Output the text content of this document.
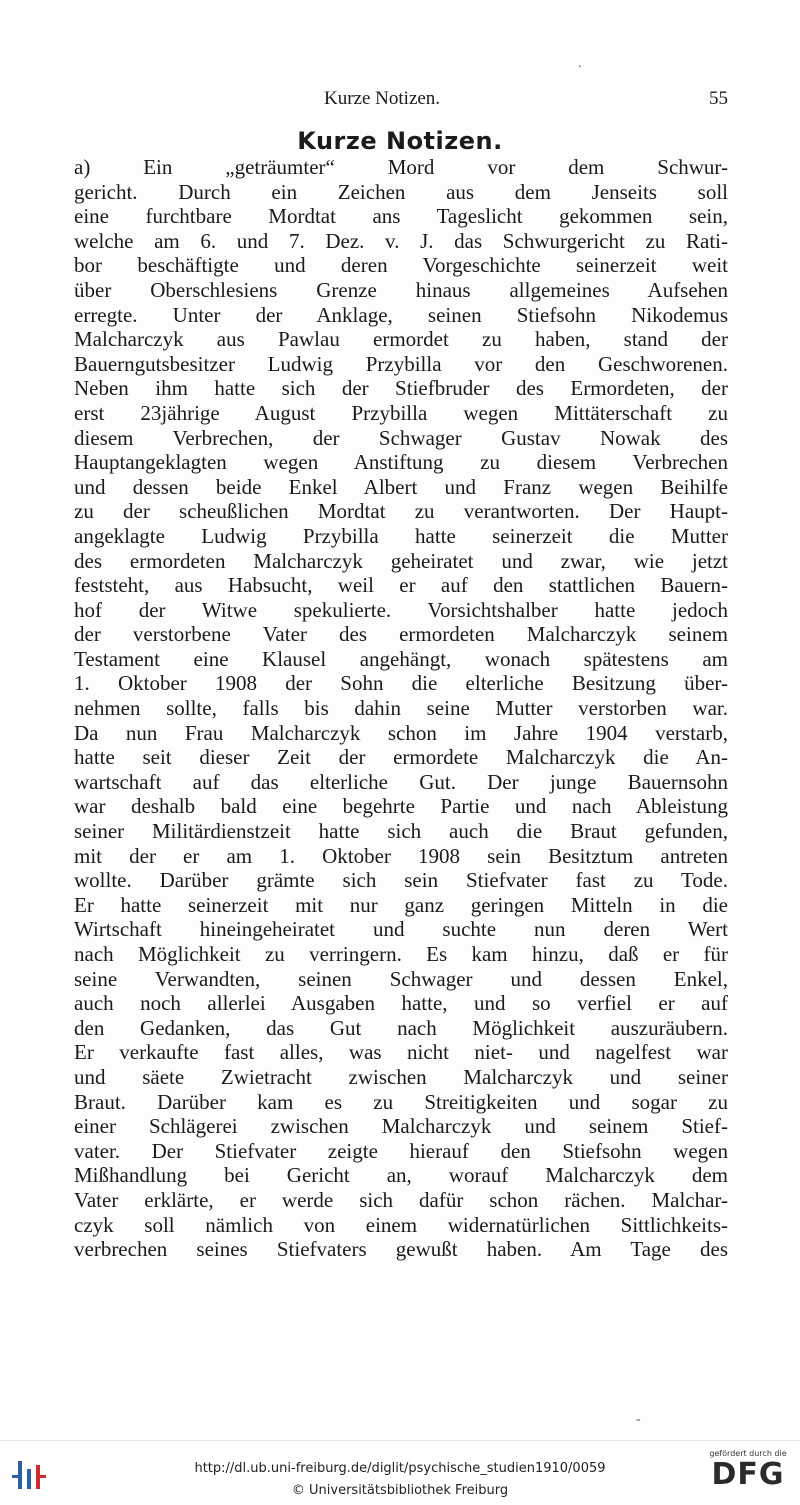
.
Kurze Notizen.	55
Kurze Notizen.
a) Ein „geträumter“ Mord vor dem Schwur-
gericht. Durch ein Zeichen aus dem Jenseits soll
eine furchtbare Mordtat ans Tageslicht gekommen sein,
welche am 6. und 7. Dez. v. J. das Schwurgericht zu Rati-
bor beschäftigte und deren Vorgeschichte seinerzeit weit
über Oberschlesiens Grenze hinaus allgemeines Aufsehen
erregte. Unter der Anklage, seinen Stiefsohn Nikodemus
Malcharczyk aus Pawlau ermordet zu haben, stand der
Bauerngutsbesitzer Ludwig Przybilla vor den Geschworenen.
Neben ihm hatte sich der Stiefbruder des Ermordeten, der
erst 23jährige August Przybilla wegen Mittäterschaft zu
diesem Verbrechen, der Schwager Gustav Nowak des
Hauptangeklagten wegen Anstiftung zu diesem Verbrechen
und dessen beide Enkel Albert und Franz wegen Beihilfe
zu der scheußlichen Mordtat zu verantworten. Der Haupt-
angeklagte Ludwig Przybilla hatte seinerzeit die Mutter
des ermordeten Malcharczyk geheiratet und zwar, wie jetzt
feststeht, aus Habsucht, weil er auf den stattlichen Bauern-
hof der Witwe spekulierte. Vorsichtshalber hatte jedoch
der verstorbene Vater des ermordeten Malcharczyk seinem
Testament eine Klausel angehängt, wonach spätestens am
1. Oktober 1908 der Sohn die elterliche Besitzung über-
nehmen sollte, falls bis dahin seine Mutter verstorben war.
Da nun Frau Malcharczyk schon im Jahre 1904 verstarb,
hatte seit dieser Zeit der ermordete Malcharczyk die An-
wartschaft auf das elterliche Gut. Der junge Bauernsohn
war deshalb bald eine begehrte Partie und nach Ableistung
seiner Militärdienstzeit hatte sich auch die Braut gefunden,
mit der er am 1. Oktober 1908 sein Besitztum antreten
wollte. Darüber grämte sich sein Stiefvater fast zu Tode.
Er hatte seinerzeit mit nur ganz geringen Mitteln in die
Wirtschaft hineingeheiratet und suchte nun deren Wert
nach Möglichkeit zu verringern. Es kam hinzu, daß er für
seine Verwandten, seinen Schwager und dessen Enkel,
auch noch allerlei Ausgaben hatte, und so verfiel er auf
den Gedanken, das Gut nach Möglichkeit auszuräubern.
Er verkaufte fast alles, was nicht niet- und nagelfest war
und säete Zwietracht zwischen Malcharczyk und seiner
Braut. Darüber kam es zu Streitigkeiten und sogar zu
einer Schlägerei zwischen Malcharczyk und seinem Stief-
vater. Der Stiefvater zeigte hierauf den Stiefsohn wegen
Mißhandlung bei Gericht an, worauf Malcharczyk dem
Vater erklärte, er werde sich dafür schon rächen. Malchar-
czyk soll nämlich von einem widernatürlichen Sittlichkeits-
verbrechen seines Stiefvaters gewußt haben. Am Tage des
-
http://dl.ub.uni-freiburg.de/diglit/psychische_studien1910/0059
© Universitätsbibliothek Freiburg
gefördert durch die
DFG
